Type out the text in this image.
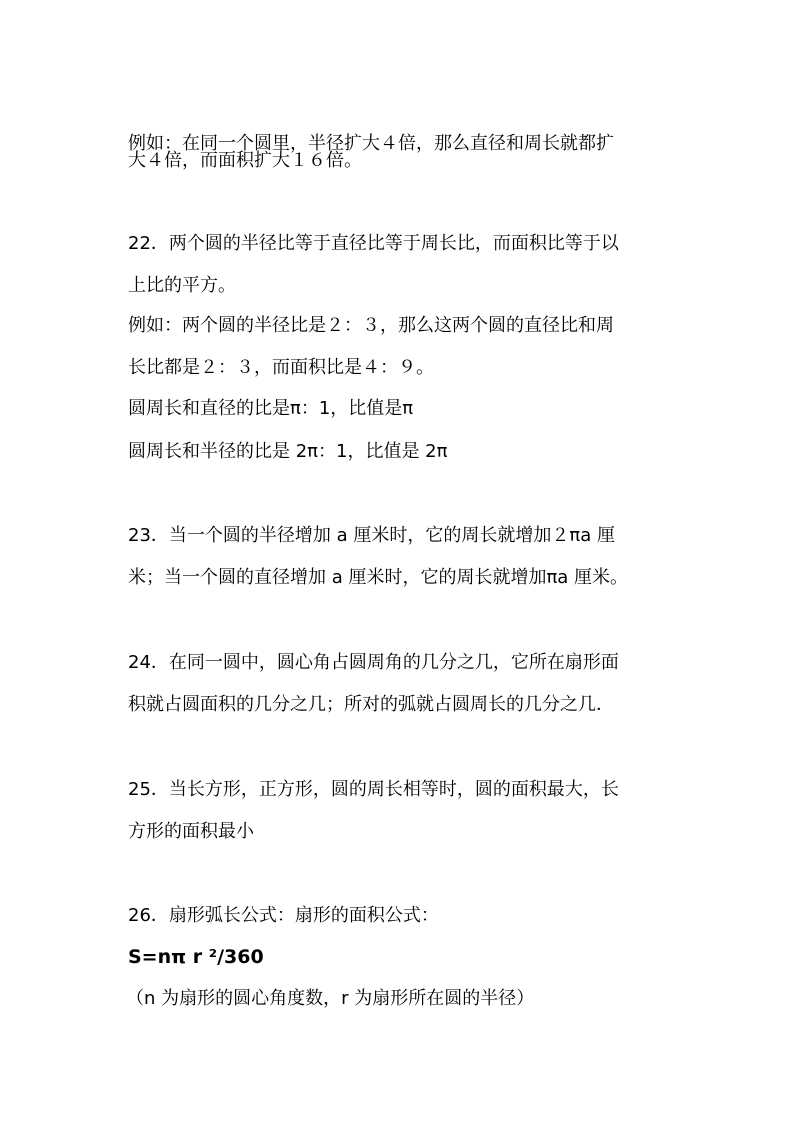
例如：在同一个圆里，半径扩大４倍，那么直径和周长就都扩
大４倍，而面积扩大１６倍。
22．两个圆的半径比等于直径比等于周长比，而面积比等于以
上比的平方。
例如：两个圆的半径比是２：３，那么这两个圆的直径比和周
长比都是２：３，而面积比是４：９。
圆周长和直径的比是π：1，比值是π
圆周长和半径的比是 2π：1，比值是 2π
23．当一个圆的半径增加 a 厘米时，它的周长就增加２πa 厘
米；当一个圆的直径增加 a 厘米时，它的周长就增加πa 厘米。
24．在同一圆中，圆心角占圆周角的几分之几，它所在扇形面
积就占圆面积的几分之几；所对的弧就占圆周长的几分之几．
25．当长方形，正方形，圆的周长相等时，圆的面积最大，长
方形的面积最小
26．扇形弧长公式：扇形的面积公式：
S=nπ r ²/360
（n 为扇形的圆心角度数，r 为扇形所在圆的半径）
